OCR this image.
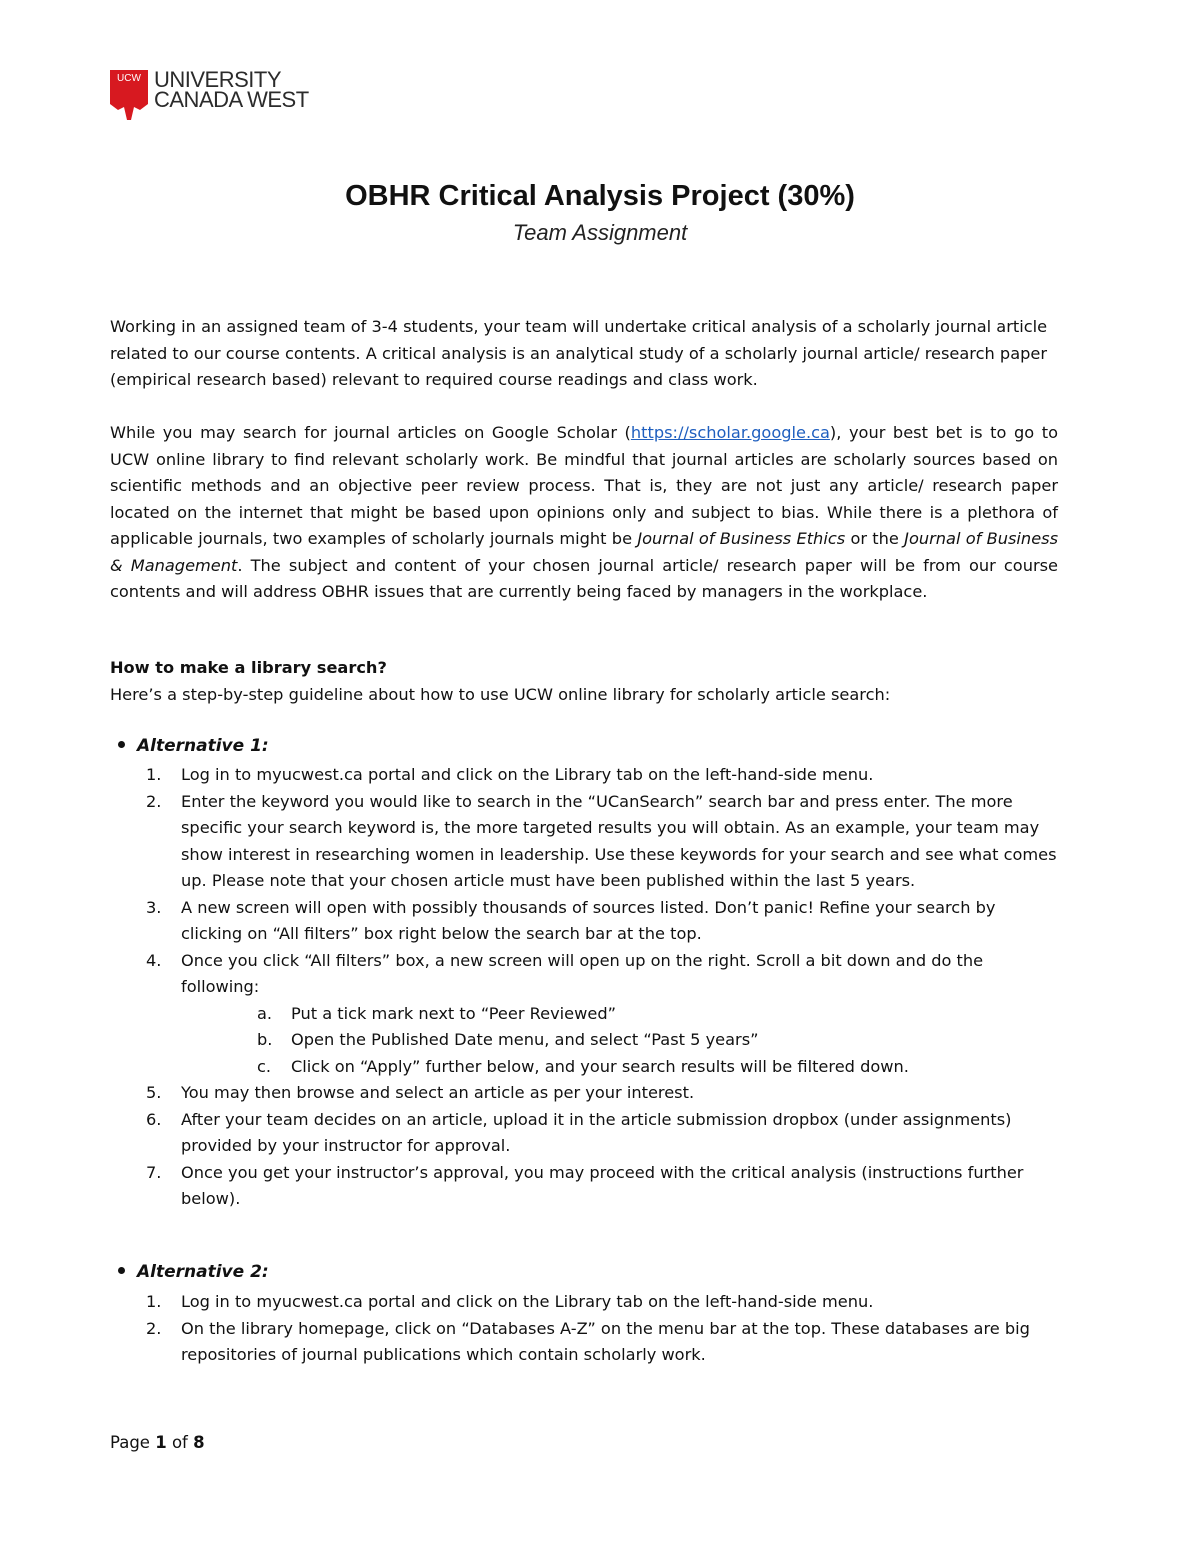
UCW UNIVERSITY
CANADA WEST
OBHR Critical Analysis Project (30%)
Team Assignment
Working in an assigned team of 3-4 students, your team will undertake critical analysis of a scholarly journal article related to our course contents. A critical analysis is an analytical study of a scholarly journal article/ research paper (empirical research based) relevant to required course readings and class work.
While you may search for journal articles on Google Scholar (https://scholar.google.ca), your best bet is to go to UCW online library to find relevant scholarly work. Be mindful that journal articles are scholarly sources based on scientific methods and an objective peer review process. That is, they are not just any article/ research paper located on the internet that might be based upon opinions only and subject to bias. While there is a plethora of applicable journals, two examples of scholarly journals might be Journal of Business Ethics or the Journal of Business & Management. The subject and content of your chosen journal article/ research paper will be from our course contents and will address OBHR issues that are currently being faced by managers in the workplace.
How to make a library search?
Here’s a step-by-step guideline about how to use UCW online library for scholarly article search:
Alternative 1:
1. Log in to myucwest.ca portal and click on the Library tab on the left-hand-side menu.
2. Enter the keyword you would like to search in the “UCanSearch” search bar and press enter. The more specific your search keyword is, the more targeted results you will obtain. As an example, your team may show interest in researching women in leadership. Use these keywords for your search and see what comes up. Please note that your chosen article must have been published within the last 5 years.
3. A new screen will open with possibly thousands of sources listed. Don’t panic! Refine your search by clicking on “All filters” box right below the search bar at the top.
4. Once you click “All filters” box, a new screen will open up on the right. Scroll a bit down and do the following:
a. Put a tick mark next to “Peer Reviewed”
b. Open the Published Date menu, and select “Past 5 years”
c. Click on “Apply” further below, and your search results will be filtered down.
5. You may then browse and select an article as per your interest.
6. After your team decides on an article, upload it in the article submission dropbox (under assignments) provided by your instructor for approval.
7. Once you get your instructor’s approval, you may proceed with the critical analysis (instructions further below).
Alternative 2:
1. Log in to myucwest.ca portal and click on the Library tab on the left-hand-side menu.
2. On the library homepage, click on “Databases A-Z” on the menu bar at the top. These databases are big repositories of journal publications which contain scholarly work.
Page 1 of 8
